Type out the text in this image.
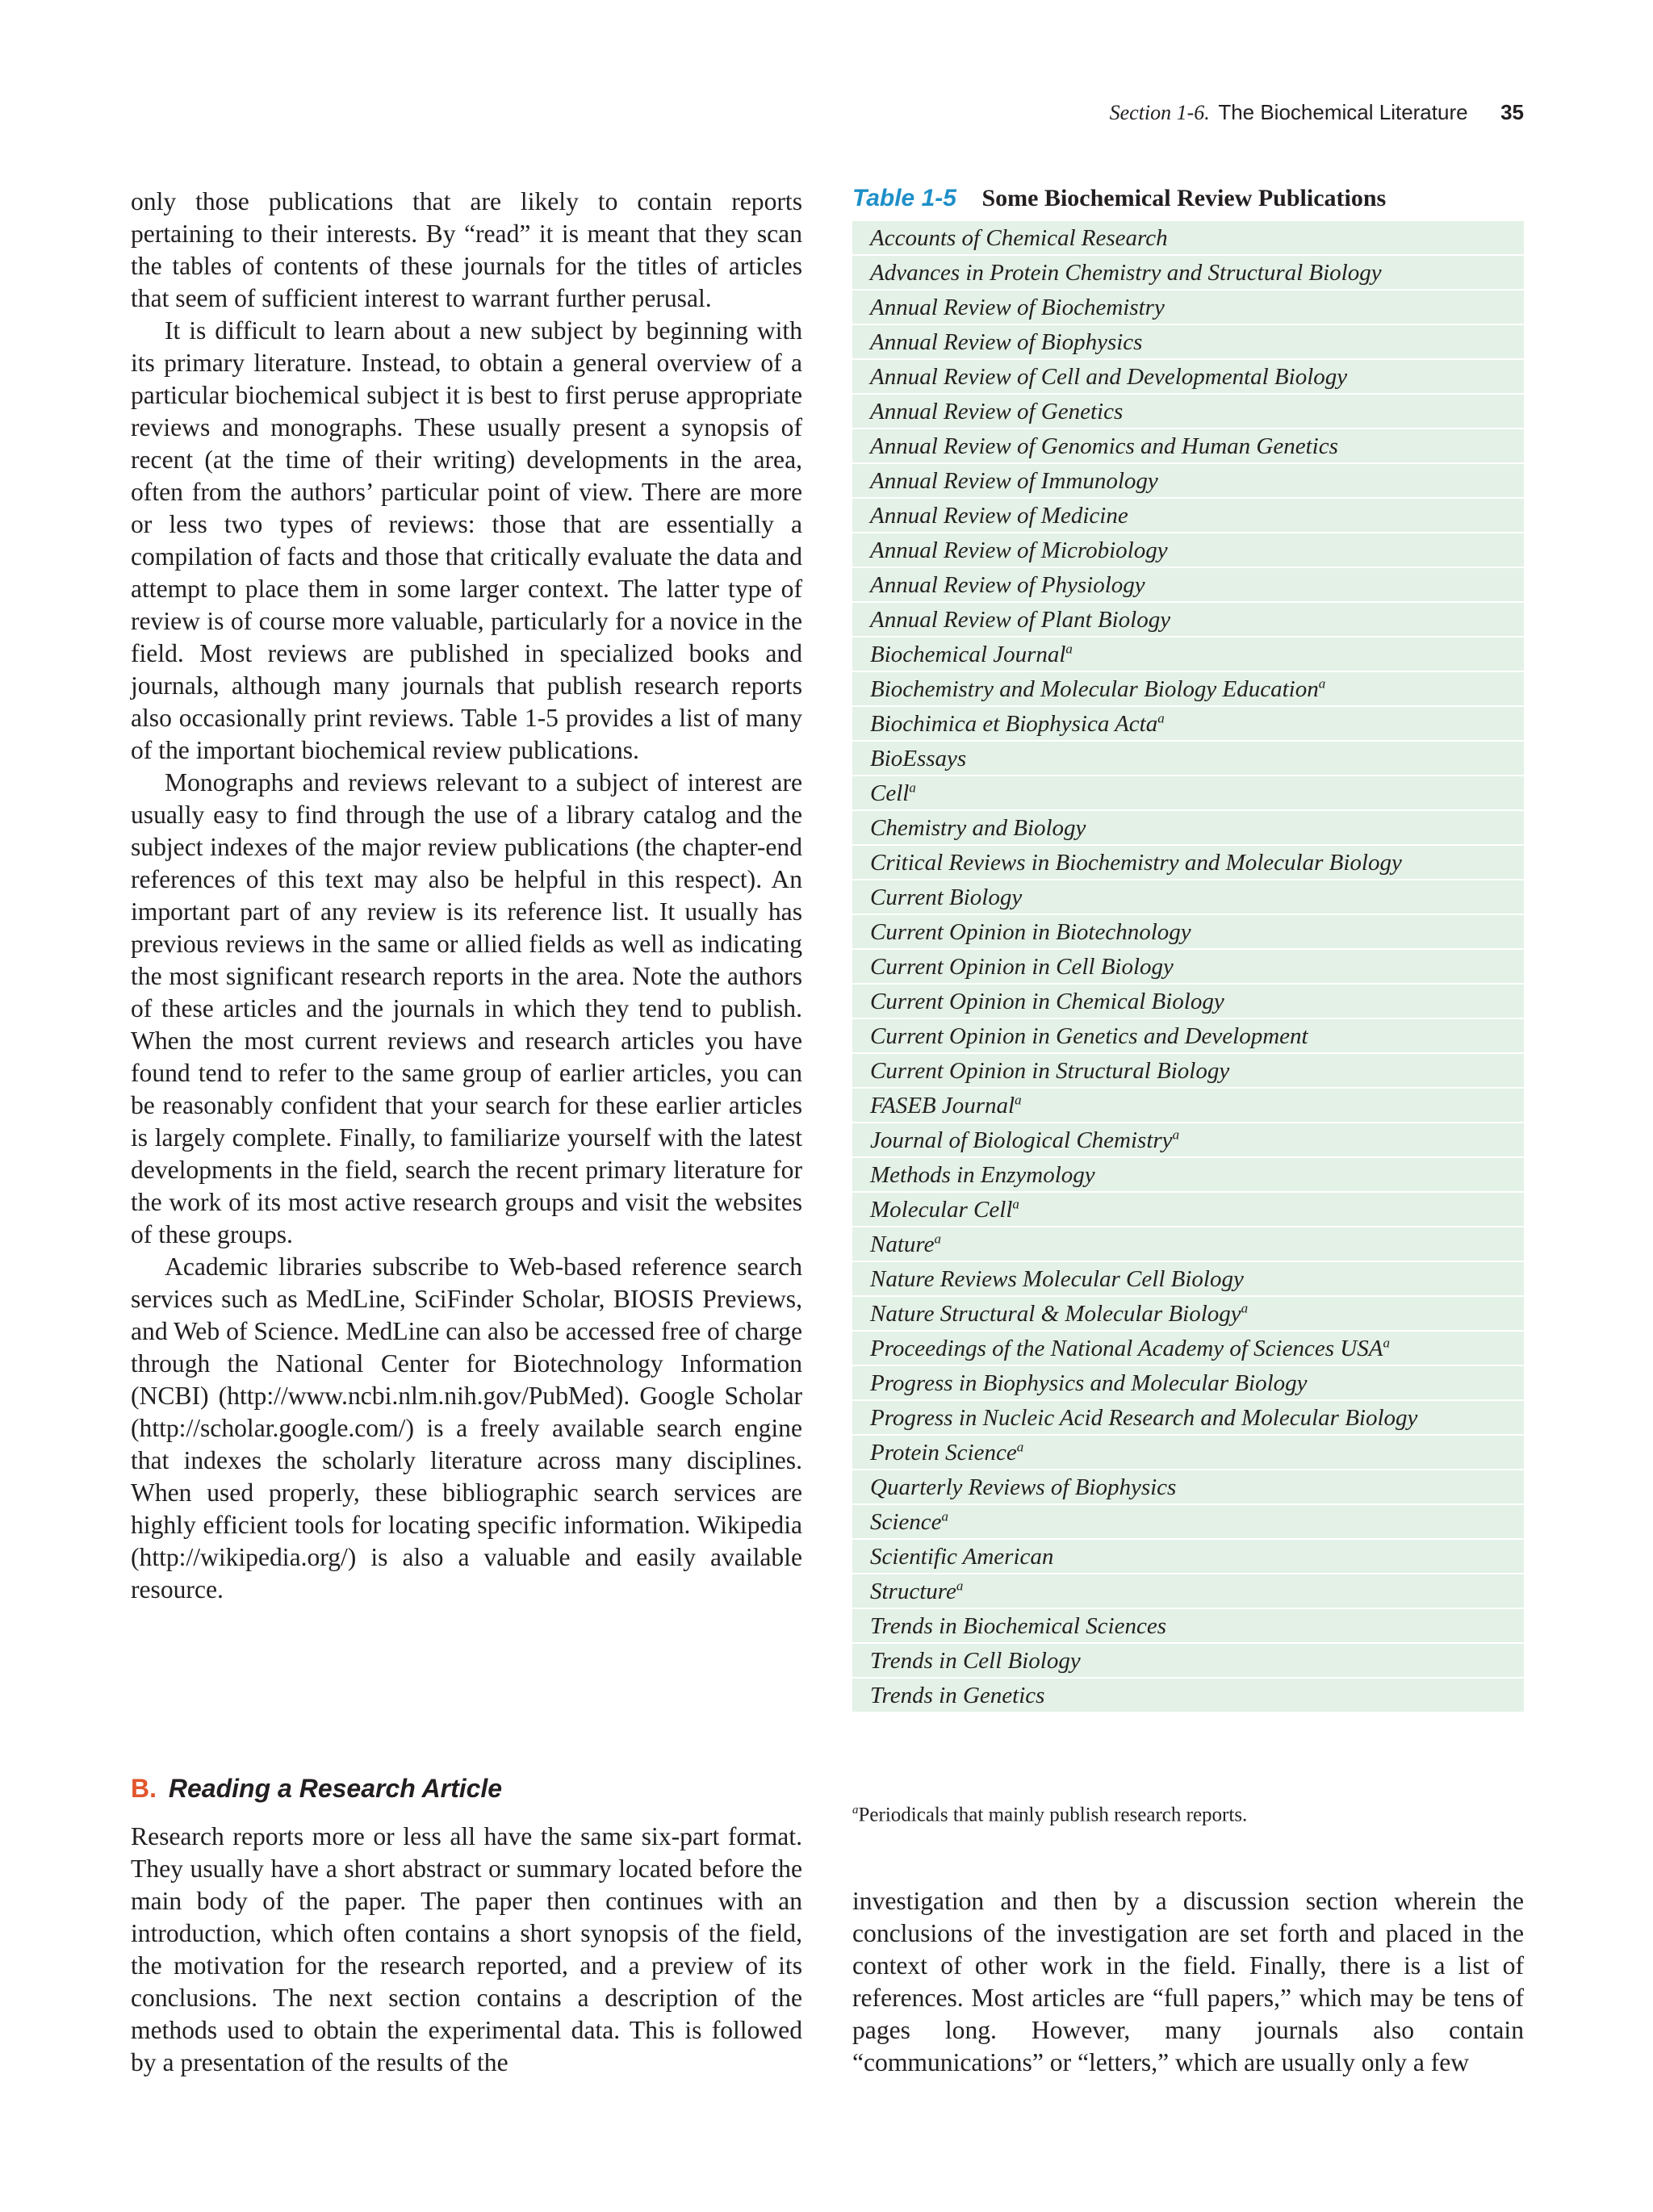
Section 1-6. The Biochemical Literature 35

only those publications that are likely to contain reports pertaining to their interests. By “read” it is meant that they scan the tables of contents of these journals for the titles of articles that seem of sufficient interest to warrant further perusal.

It is difficult to learn about a new subject by beginning with its primary literature. Instead, to obtain a general overview of a particular biochemical subject it is best to first peruse appropriate reviews and monographs. These usually present a synopsis of recent (at the time of their writing) developments in the area, often from the authors’ particular point of view. There are more or less two types of reviews: those that are essentially a compilation of facts and those that critically evaluate the data and attempt to place them in some larger context. The latter type of review is of course more valuable, particularly for a novice in the field. Most reviews are published in specialized books and journals, although many journals that publish research reports also occasionally print reviews. Table 1-5 provides a list of many of the important biochemical review publications.

Monographs and reviews relevant to a subject of interest are usually easy to find through the use of a library catalog and the subject indexes of the major review publications (the chapter-end references of this text may also be helpful in this respect). An important part of any review is its reference list. It usually has previous reviews in the same or allied fields as well as indicating the most significant research reports in the area. Note the authors of these articles and the journals in which they tend to publish. When the most current reviews and research articles you have found tend to refer to the same group of earlier articles, you can be reasonably confident that your search for these earlier articles is largely complete. Finally, to familiarize yourself with the latest developments in the field, search the recent primary literature for the work of its most active research groups and visit the websites of these groups.

Academic libraries subscribe to Web-based reference search services such as MedLine, SciFinder Scholar, BIOSIS Previews, and Web of Science. MedLine can also be accessed free of charge through the National Center for Biotechnology Information (NCBI) (http://www.ncbi.nlm.nih.gov/PubMed). Google Scholar (http://scholar.google.com/) is a freely available search engine that indexes the scholarly literature across many disciplines. When used properly, these bibliographic search services are highly efficient tools for locating specific information. Wikipedia (http://wikipedia.org/) is also a valuable and easily available resource.

B. Reading a Research Article

Research reports more or less all have the same six-part format. They usually have a short abstract or summary located before the main body of the paper. The paper then continues with an introduction, which often contains a short synopsis of the field, the motivation for the research reported, and a preview of its conclusions. The next section contains a description of the methods used to obtain the experimental data. This is followed by a presentation of the results of the

Table 1-5 Some Biochemical Review Publications
Accounts of Chemical Research
Advances in Protein Chemistry and Structural Biology
Annual Review of Biochemistry
Annual Review of Biophysics
Annual Review of Cell and Developmental Biology
Annual Review of Genetics
Annual Review of Genomics and Human Genetics
Annual Review of Immunology
Annual Review of Medicine
Annual Review of Microbiology
Annual Review of Physiology
Annual Review of Plant Biology
Biochemical Journal$^a$
Biochemistry and Molecular Biology Education$^a$
Biochimica et Biophysica Acta$^a$
BioEssays
Cell$^a$
Chemistry and Biology
Critical Reviews in Biochemistry and Molecular Biology
Current Biology
Current Opinion in Biotechnology
Current Opinion in Cell Biology
Current Opinion in Chemical Biology
Current Opinion in Genetics and Development
Current Opinion in Structural Biology
FASEB Journal$^a$
Journal of Biological Chemistry$^a$
Methods in Enzymology
Molecular Cell$^a$
Nature$^a$
Nature Reviews Molecular Cell Biology
Nature Structural & Molecular Biology$^a$
Proceedings of the National Academy of Sciences USA$^a$
Progress in Biophysics and Molecular Biology
Progress in Nucleic Acid Research and Molecular Biology
Protein Science$^a$
Quarterly Reviews of Biophysics
Science$^a$
Scientific American
Structure$^a$
Trends in Biochemical Sciences
Trends in Cell Biology
Trends in Genetics
$^a$Periodicals that mainly publish research reports.

investigation and then by a discussion section wherein the conclusions of the investigation are set forth and placed in the context of other work in the field. Finally, there is a list of references. Most articles are “full papers,” which may be tens of pages long. However, many journals also contain “communications” or “letters,” which are usually only a few
